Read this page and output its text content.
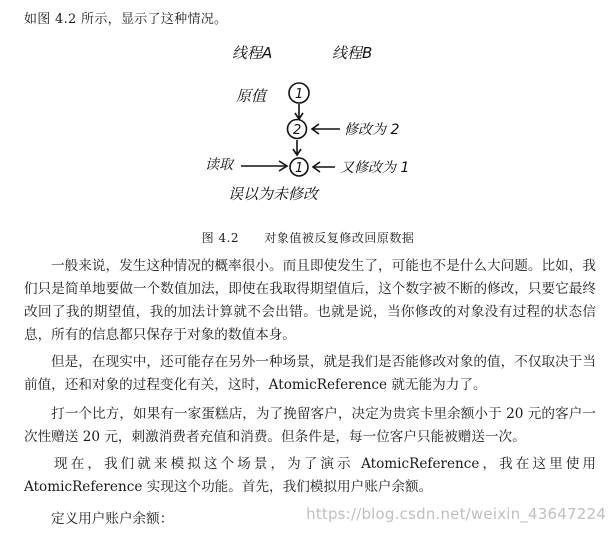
如图 4.2 所示，显示了这种情况。
线程A	线程B
原值 1
2	修改为 2
1	又修改为 1
读取
误以为未修改
图 4.2 对象值被反复修改回原数据

一般来说，发生这种情况的概率很小。而且即使发生了，可能也不是什么大问题。比如，我们只是简单地要做一个数值加法，即使在我取得期望值后，这个数字被不断的修改，只要它最终改回了我的期望值，我的加法计算就不会出错。也就是说，当你修改的对象没有过程的状态信息，所有的信息都只保存于对象的数值本身。

但是，在现实中，还可能存在另外一种场景，就是我们是否能修改对象的值，不仅取决于当前值，还和对象的过程变化有关，这时，AtomicReference 就无能为力了。

打一个比方，如果有一家蛋糕店，为了挽留客户，决定为贵宾卡里余额小于 20 元的客户一次性赠送 20 元，刺激消费者充值和消费。但条件是，每一位客户只能被赠送一次。

现在，我们就来模拟这个场景，为了演示 AtomicReference，我在这里使用 AtomicReference 实现这个功能。首先，我们模拟用户账户余额。

定义用户账户余额：	https://blog.csdn.net/weixin_43647224
